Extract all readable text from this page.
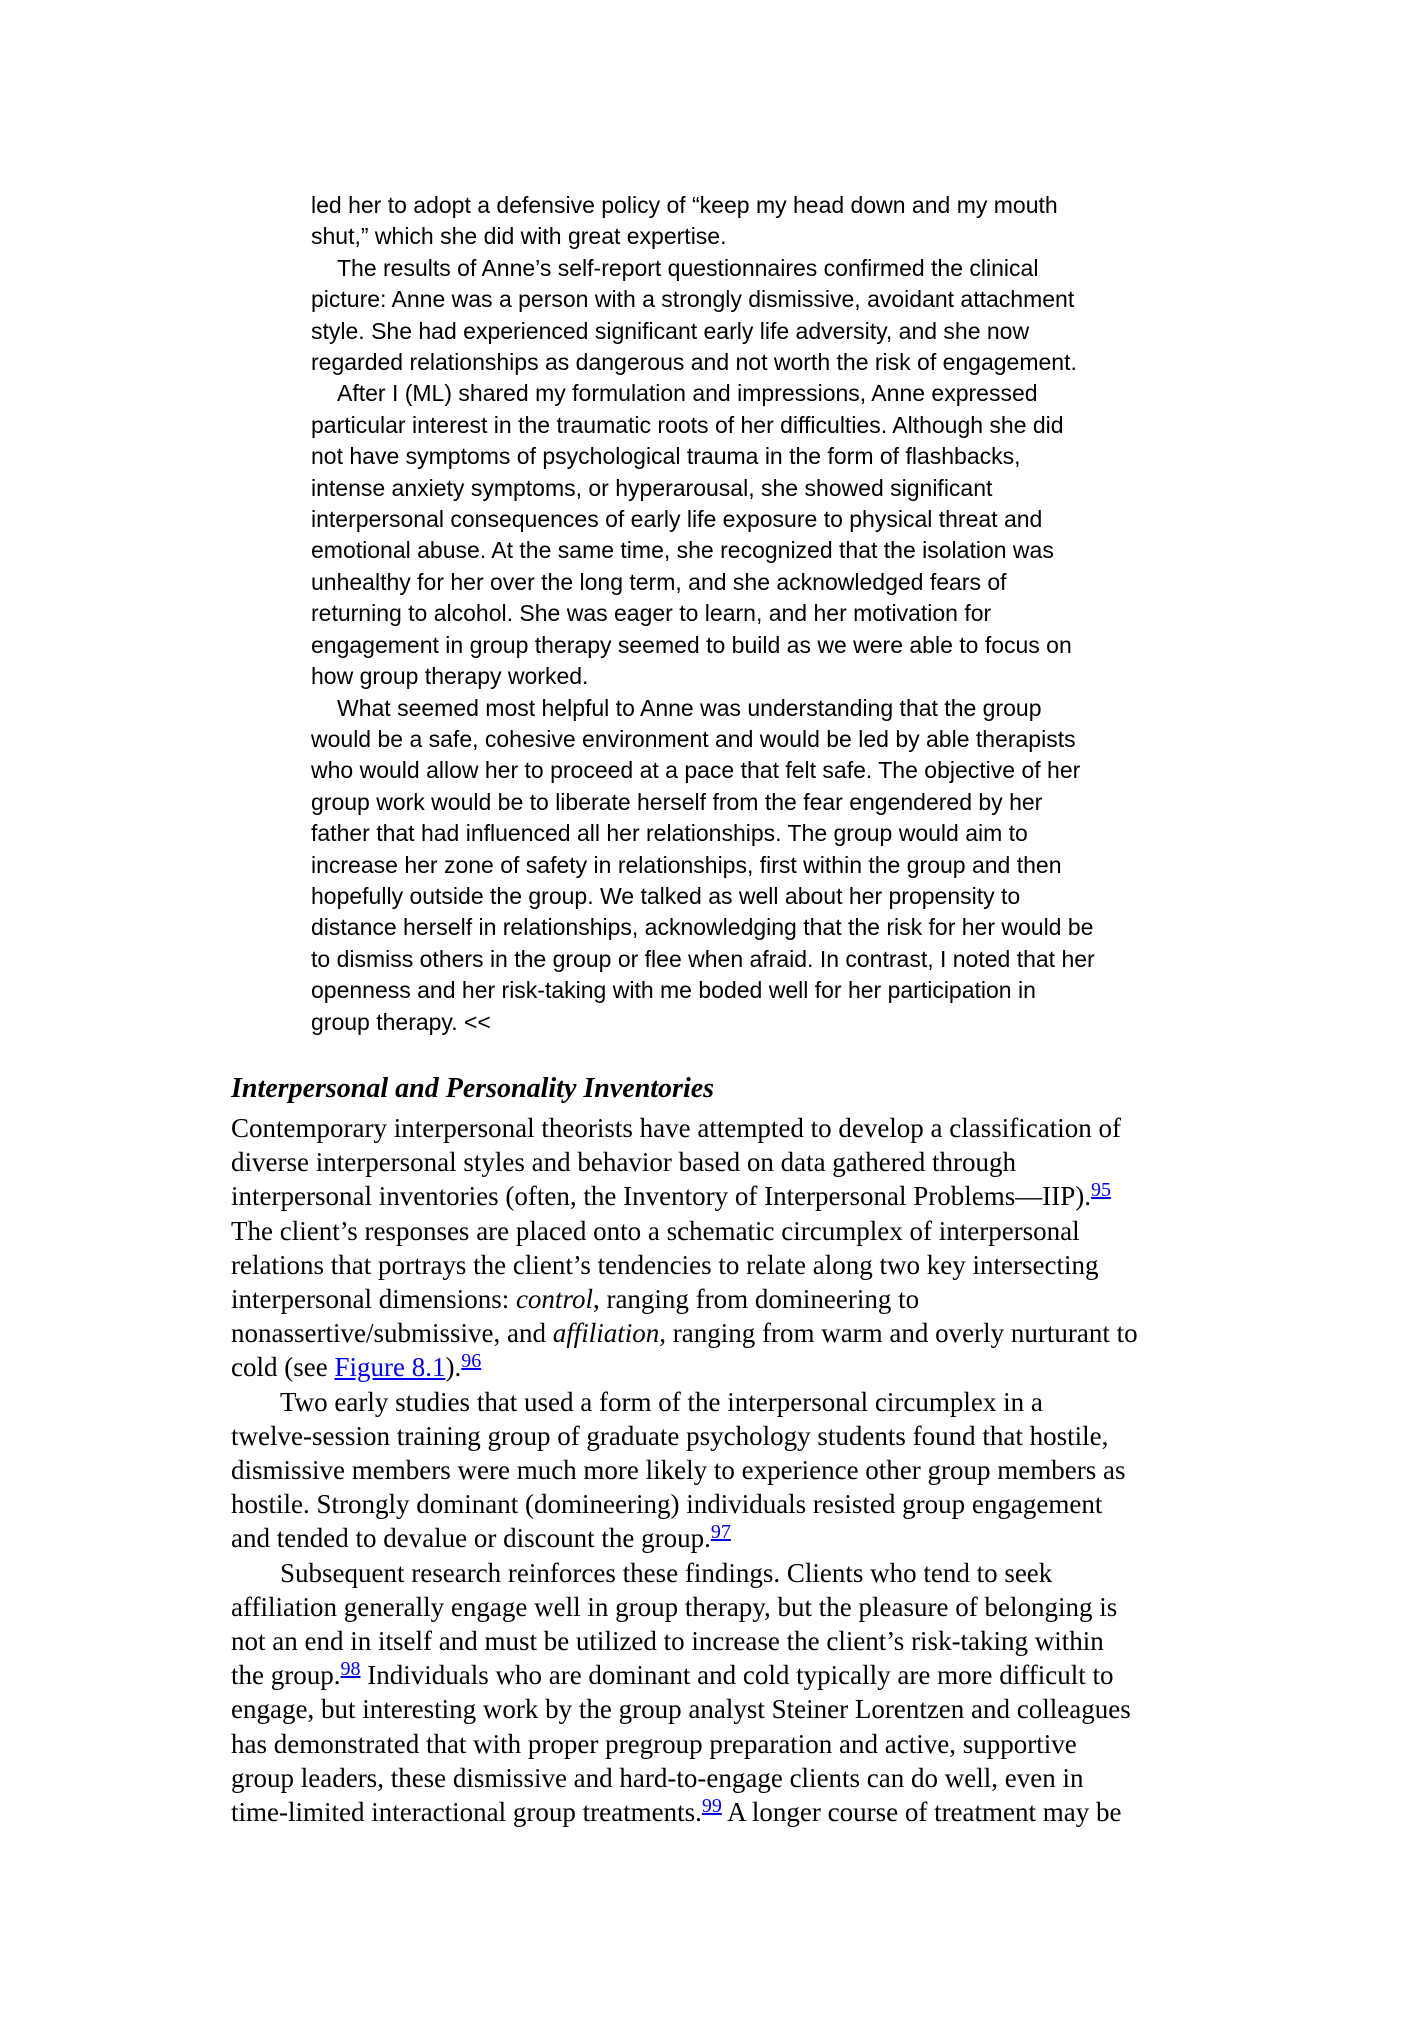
led her to adopt a defensive policy of “keep my head down and my mouth

shut,” which she did with great expertise.

The results of Anne’s self-report questionnaires confirmed the clinical

picture: Anne was a person with a strongly dismissive, avoidant attachment

style. She had experienced significant early life adversity, and she now

regarded relationships as dangerous and not worth the risk of engagement.

After I (ML) shared my formulation and impressions, Anne expressed

particular interest in the traumatic roots of her difficulties. Although she did

not have symptoms of psychological trauma in the form of flashbacks,

intense anxiety symptoms, or hyperarousal, she showed significant

interpersonal consequences of early life exposure to physical threat and

emotional abuse. At the same time, she recognized that the isolation was

unhealthy for her over the long term, and she acknowledged fears of

returning to alcohol. She was eager to learn, and her motivation for

engagement in group therapy seemed to build as we were able to focus on

how group therapy worked.

What seemed most helpful to Anne was understanding that the group

would be a safe, cohesive environment and would be led by able therapists

who would allow her to proceed at a pace that felt safe. The objective of her

group work would be to liberate herself from the fear engendered by her

father that had influenced all her relationships. The group would aim to

increase her zone of safety in relationships, first within the group and then

hopefully outside the group. We talked as well about her propensity to

distance herself in relationships, acknowledging that the risk for her would be

to dismiss others in the group or flee when afraid. In contrast, I noted that her

openness and her risk-taking with me boded well for her participation in

group therapy. <<

Interpersonal and Personality Inventories
Contemporary interpersonal theorists have attempted to develop a classification of
diverse interpersonal styles and behavior based on data gathered through
interpersonal inventories (often, the Inventory of Interpersonal Problems—IIP).$^{95}$
The client’s responses are placed onto a schematic circumplex of interpersonal
relations that portrays the client’s tendencies to relate along two key intersecting
interpersonal dimensions: control, ranging from domineering to
nonassertive/submissive, and affiliation, ranging from warm and overly nurturant to
cold (see Figure 8.1).$^{96}$
Two early studies that used a form of the interpersonal circumplex in a
twelve-session training group of graduate psychology students found that hostile,
dismissive members were much more likely to experience other group members as
hostile. Strongly dominant (domineering) individuals resisted group engagement
and tended to devalue or discount the group.$^{97}$
Subsequent research reinforces these findings. Clients who tend to seek
affiliation generally engage well in group therapy, but the pleasure of belonging is
not an end in itself and must be utilized to increase the client’s risk-taking within
the group.$^{98}$ Individuals who are dominant and cold typically are more difficult to
engage, but interesting work by the group analyst Steiner Lorentzen and colleagues
has demonstrated that with proper pregroup preparation and active, supportive
group leaders, these dismissive and hard-to-engage clients can do well, even in
time-limited interactional group treatments.$^{99}$ A longer course of treatment may be
